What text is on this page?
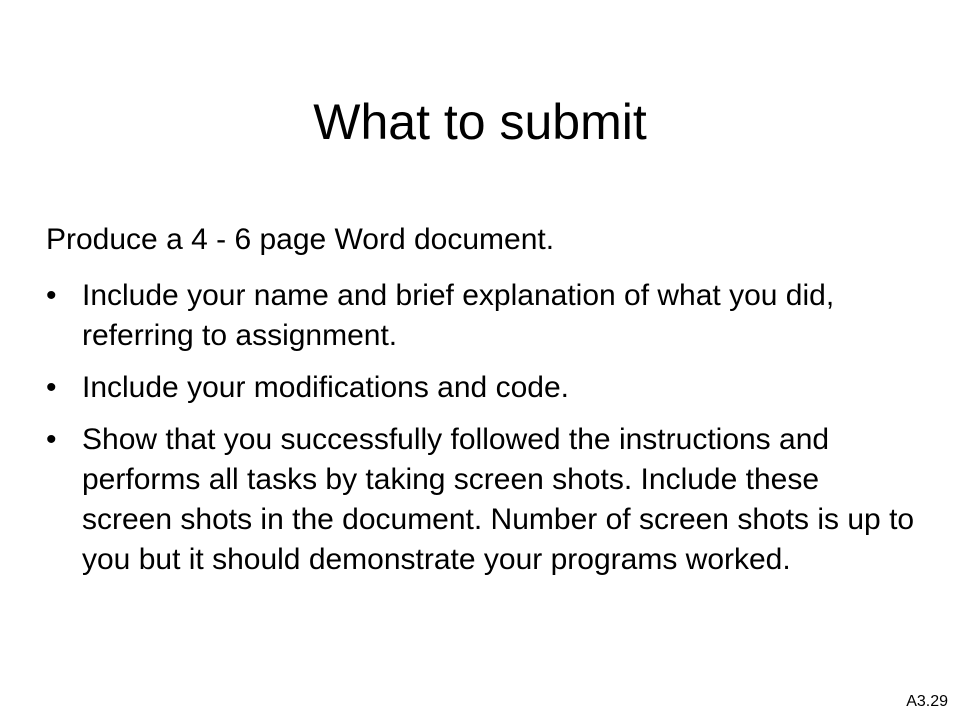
What to submit

Produce a 4 - 6 page Word document.

• Include your name and brief explanation of what you did, referring to assignment.
• Include your modifications and code.
• Show that you successfully followed the instructions and performs all tasks by taking screen shots. Include these screen shots in the document. Number of screen shots is up to you but it should demonstrate your programs worked.

A3.29
